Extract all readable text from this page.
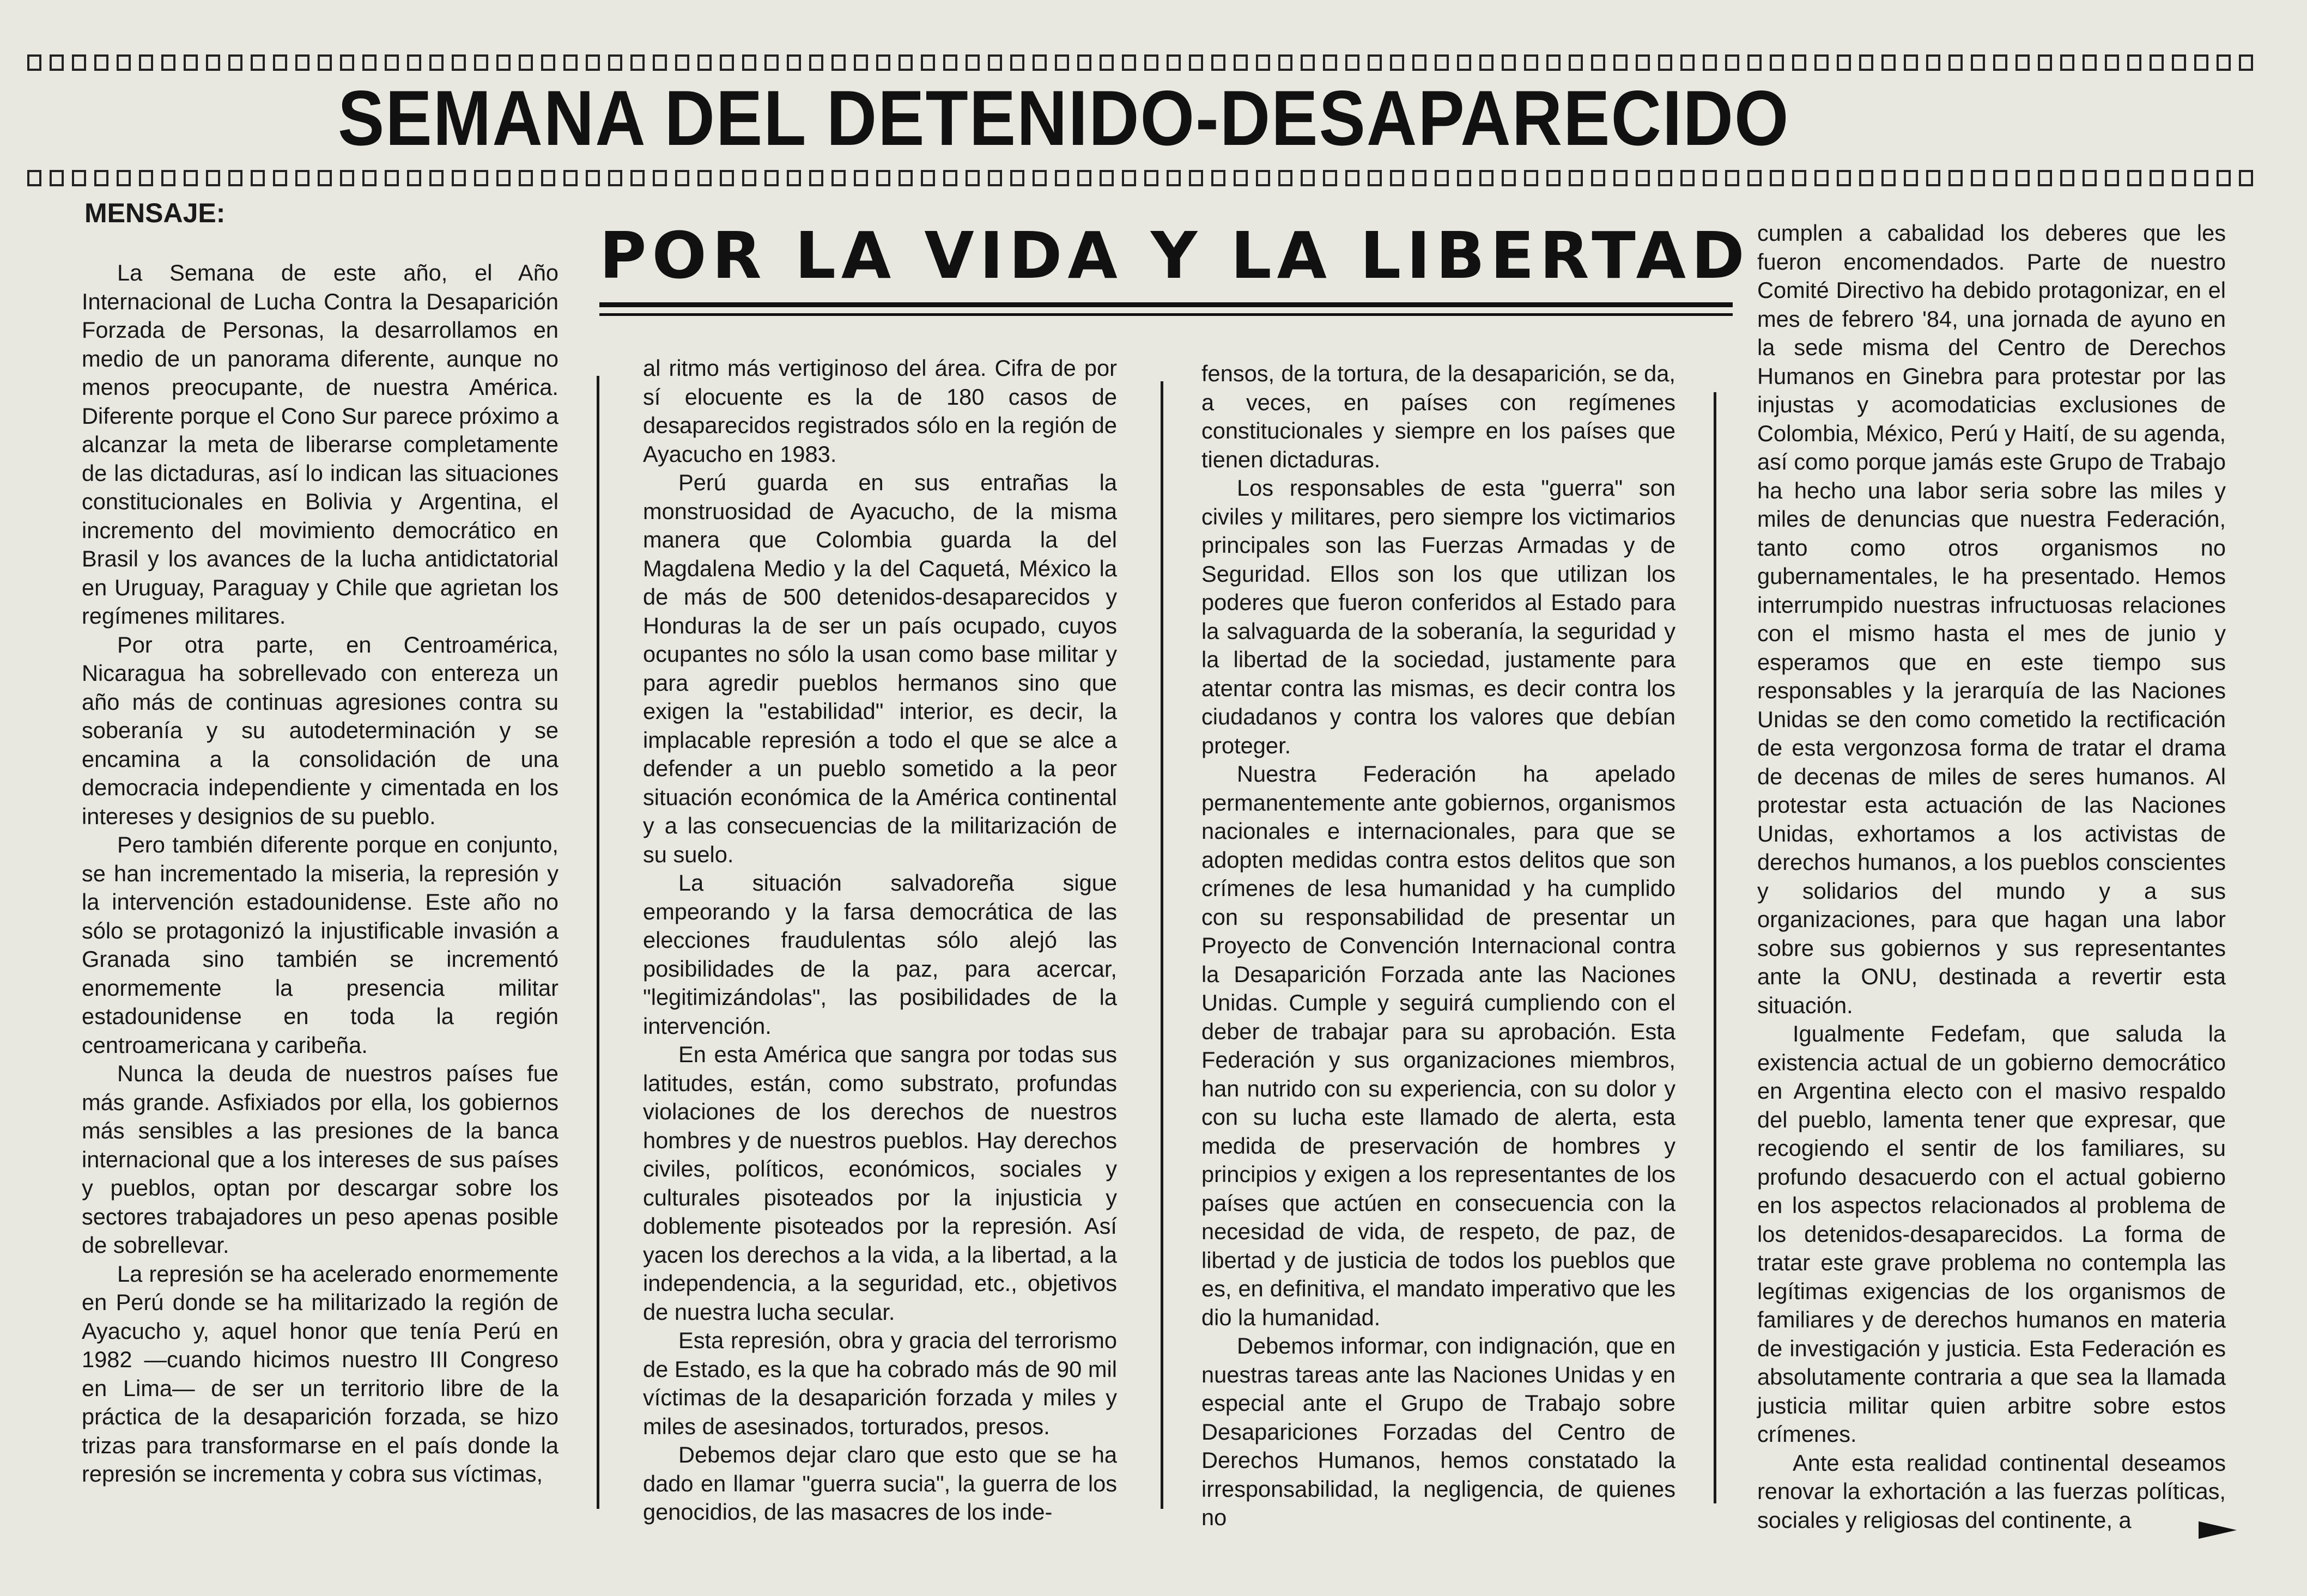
SEMANA DEL DETENIDO-DESAPARECIDO
MENSAJE:
POR LA VIDA Y LA LIBERTAD

La Semana de este año, el Año Internacional de Lucha Contra la Desaparición Forzada de Personas, la desarrollamos en medio de un panorama diferente, aunque no menos preocupante, de nuestra América. Diferente porque el Cono Sur parece próximo a alcanzar la meta de liberarse completamente de las dictaduras, así lo indican las situaciones constitucionales en Bolivia y Argentina, el incremento del movimiento democrático en Brasil y los avances de la lucha antidictatorial en Uruguay, Paraguay y Chile que agrietan los regímenes militares.

Por otra parte, en Centroamérica, Nicaragua ha sobrellevado con entereza un año más de continuas agresiones contra su soberanía y su autodeterminación y se encamina a la consolidación de una democracia independiente y cimentada en los intereses y designios de su pueblo.

Pero también diferente porque en conjunto, se han incrementado la miseria, la represión y la intervención estadounidense. Este año no sólo se protagonizó la injustificable invasión a Granada sino también se incrementó enormemente la presencia militar estadounidense en toda la región centroamericana y caribeña.

Nunca la deuda de nuestros países fue más grande. Asfixiados por ella, los gobiernos más sensibles a las presiones de la banca internacional que a los intereses de sus países y pueblos, optan por descargar sobre los sectores trabajadores un peso apenas posible de sobrellevar.

La represión se ha acelerado enormemente en Perú donde se ha militarizado la región de Ayacucho y, aquel honor que tenía Perú en 1982 —cuando hicimos nuestro III Congreso en Lima— de ser un territorio libre de la práctica de la desaparición forzada, se hizo trizas para transformarse en el país donde la represión se incrementa y cobra sus víctimas,

al ritmo más vertiginoso del área. Cifra de por sí elocuente es la de 180 casos de desaparecidos registrados sólo en la región de Ayacucho en 1983.

Perú guarda en sus entrañas la monstruosidad de Ayacucho, de la misma manera que Colombia guarda la del Magdalena Medio y la del Caquetá, México la de más de 500 detenidos-desaparecidos y Honduras la de ser un país ocupado, cuyos ocupantes no sólo la usan como base militar y para agredir pueblos hermanos sino que exigen la "estabilidad" interior, es decir, la implacable represión a todo el que se alce a defender a un pueblo sometido a la peor situación económica de la América continental y a las consecuencias de la militarización de su suelo.

La situación salvadoreña sigue empeorando y la farsa democrática de las elecciones fraudulentas sólo alejó las posibilidades de la paz, para acercar, "legitimizándolas", las posibilidades de la intervención.

En esta América que sangra por todas sus latitudes, están, como substrato, profundas violaciones de los derechos de nuestros hombres y de nuestros pueblos. Hay derechos civiles, políticos, económicos, sociales y culturales pisoteados por la injusticia y doblemente pisoteados por la represión. Así yacen los derechos a la vida, a la libertad, a la independencia, a la seguridad, etc., objetivos de nuestra lucha secular.

Esta represión, obra y gracia del terrorismo de Estado, es la que ha cobrado más de 90 mil víctimas de la desaparición forzada y miles y miles de asesinados, torturados, presos.

Debemos dejar claro que esto que se ha dado en llamar "guerra sucia", la guerra de los genocidios, de las masacres de los inde-

fensos, de la tortura, de la desaparición, se da, a veces, en países con regímenes constitucionales y siempre en los países que tienen dictaduras.

Los responsables de esta "guerra" son civiles y militares, pero siempre los victimarios principales son las Fuerzas Armadas y de Seguridad. Ellos son los que utilizan los poderes que fueron conferidos al Estado para la salvaguarda de la soberanía, la seguridad y la libertad de la sociedad, justamente para atentar contra las mismas, es decir contra los ciudadanos y contra los valores que debían proteger.

Nuestra Federación ha apelado permanentemente ante gobiernos, organismos nacionales e internacionales, para que se adopten medidas contra estos delitos que son crímenes de lesa humanidad y ha cumplido con su responsabilidad de presentar un Proyecto de Convención Internacional contra la Desaparición Forzada ante las Naciones Unidas. Cumple y seguirá cumpliendo con el deber de trabajar para su aprobación. Esta Federación y sus organizaciones miembros, han nutrido con su experiencia, con su dolor y con su lucha este llamado de alerta, esta medida de preservación de hombres y principios y exigen a los representantes de los países que actúen en consecuencia con la necesidad de vida, de respeto, de paz, de libertad y de justicia de todos los pueblos que es, en definitiva, el mandato imperativo que les dio la humanidad.

Debemos informar, con indignación, que en nuestras tareas ante las Naciones Unidas y en especial ante el Grupo de Trabajo sobre Desapariciones Forzadas del Centro de Derechos Humanos, hemos constatado la irresponsabilidad, la negligencia, de quienes no

cumplen a cabalidad los deberes que les fueron encomendados. Parte de nuestro Comité Directivo ha debido protagonizar, en el mes de febrero '84, una jornada de ayuno en la sede misma del Centro de Derechos Humanos en Ginebra para protestar por las injustas y acomodaticias exclusiones de Colombia, México, Perú y Haití, de su agenda, así como porque jamás este Grupo de Trabajo ha hecho una labor seria sobre las miles y miles de denuncias que nuestra Federación, tanto como otros organismos no gubernamentales, le ha presentado. Hemos interrumpido nuestras infructuosas relaciones con el mismo hasta el mes de junio y esperamos que en este tiempo sus responsables y la jerarquía de las Naciones Unidas se den como cometido la rectificación de esta vergonzosa forma de tratar el drama de decenas de miles de seres humanos. Al protestar esta actuación de las Naciones Unidas, exhortamos a los activistas de derechos humanos, a los pueblos conscientes y solidarios del mundo y a sus organizaciones, para que hagan una labor sobre sus gobiernos y sus representantes ante la ONU, destinada a revertir esta situación.

Igualmente Fedefam, que saluda la existencia actual de un gobierno democrático en Argentina electo con el masivo respaldo del pueblo, lamenta tener que expresar, que recogiendo el sentir de los familiares, su profundo desacuerdo con el actual gobierno en los aspectos relacionados al problema de los detenidos-desaparecidos. La forma de tratar este grave problema no contempla las legítimas exigencias de los organismos de familiares y de derechos humanos en materia de investigación y justicia. Esta Federación es absolutamente contraria a que sea la llamada justicia militar quien arbitre sobre estos crímenes.

Ante esta realidad continental deseamos renovar la exhortación a las fuerzas políticas, sociales y religiosas del continente, a
